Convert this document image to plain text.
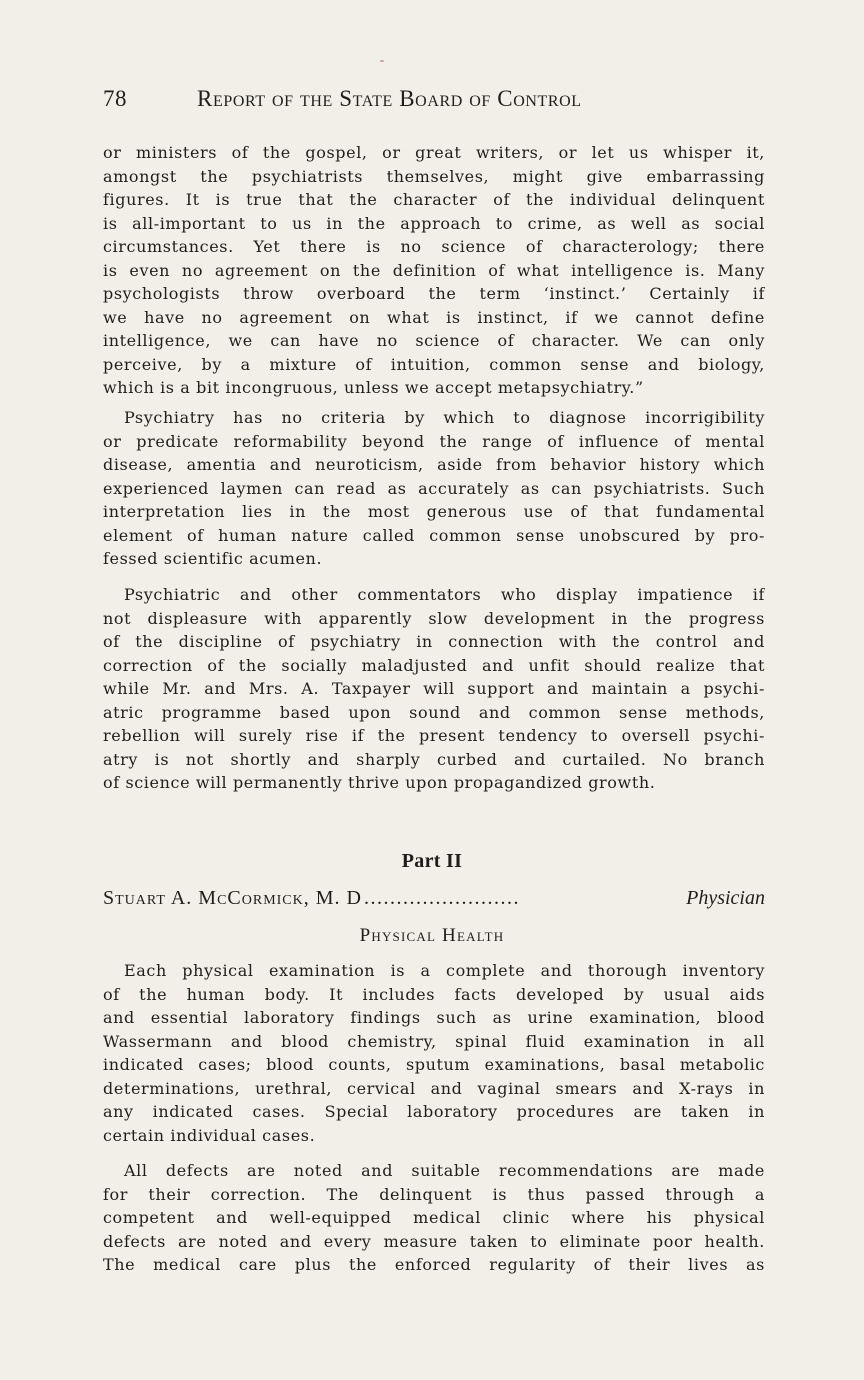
78	Report of the State Board of Control
or ministers of the gospel, or great writers, or let us whisper it,
amongst the psychiatrists themselves, might give embarrassing
figures. It is true that the character of the individual delinquent
is all-important to us in the approach to crime, as well as social
circumstances. Yet there is no science of characterology; there
is even no agreement on the definition of what intelligence is. Many
psychologists throw overboard the term ‘instinct.’ Certainly if
we have no agreement on what is instinct, if we cannot define
intelligence, we can have no science of character. We can only
perceive, by a mixture of intuition, common sense and biology,
which is a bit incongruous, unless we accept metapsychiatry.”
Psychiatry has no criteria by which to diagnose incorrigibility
or predicate reformability beyond the range of influence of mental
disease, amentia and neuroticism, aside from behavior history which
experienced laymen can read as accurately as can psychiatrists. Such
interpretation lies in the most generous use of that fundamental
element of human nature called common sense unobscured by pro-
fessed scientific acumen.
Psychiatric and other commentators who display impatience if
not displeasure with apparently slow development in the progress
of the discipline of psychiatry in connection with the control and
correction of the socially maladjusted and unfit should realize that
while Mr. and Mrs. A. Taxpayer will support and maintain a psychi-
atric programme based upon sound and common sense methods,
rebellion will surely rise if the present tendency to oversell psychi-
atry is not shortly and sharply curbed and curtailed. No branch
of science will permanently thrive upon propagandized growth.
Part II
Stuart A. McCormick, M. D ........................	Physician
Physical Health
Each physical examination is a complete and thorough inventory
of the human body. It includes facts developed by usual aids
and essential laboratory findings such as urine examination, blood
Wassermann and blood chemistry, spinal fluid examination in all
indicated cases; blood counts, sputum examinations, basal metabolic
determinations, urethral, cervical and vaginal smears and X-rays in
any indicated cases. Special laboratory procedures are taken in
certain individual cases.
All defects are noted and suitable recommendations are made
for their correction. The delinquent is thus passed through a
competent and well-equipped medical clinic where his physical
defects are noted and every measure taken to eliminate poor health.
The medical care plus the enforced regularity of their lives as
